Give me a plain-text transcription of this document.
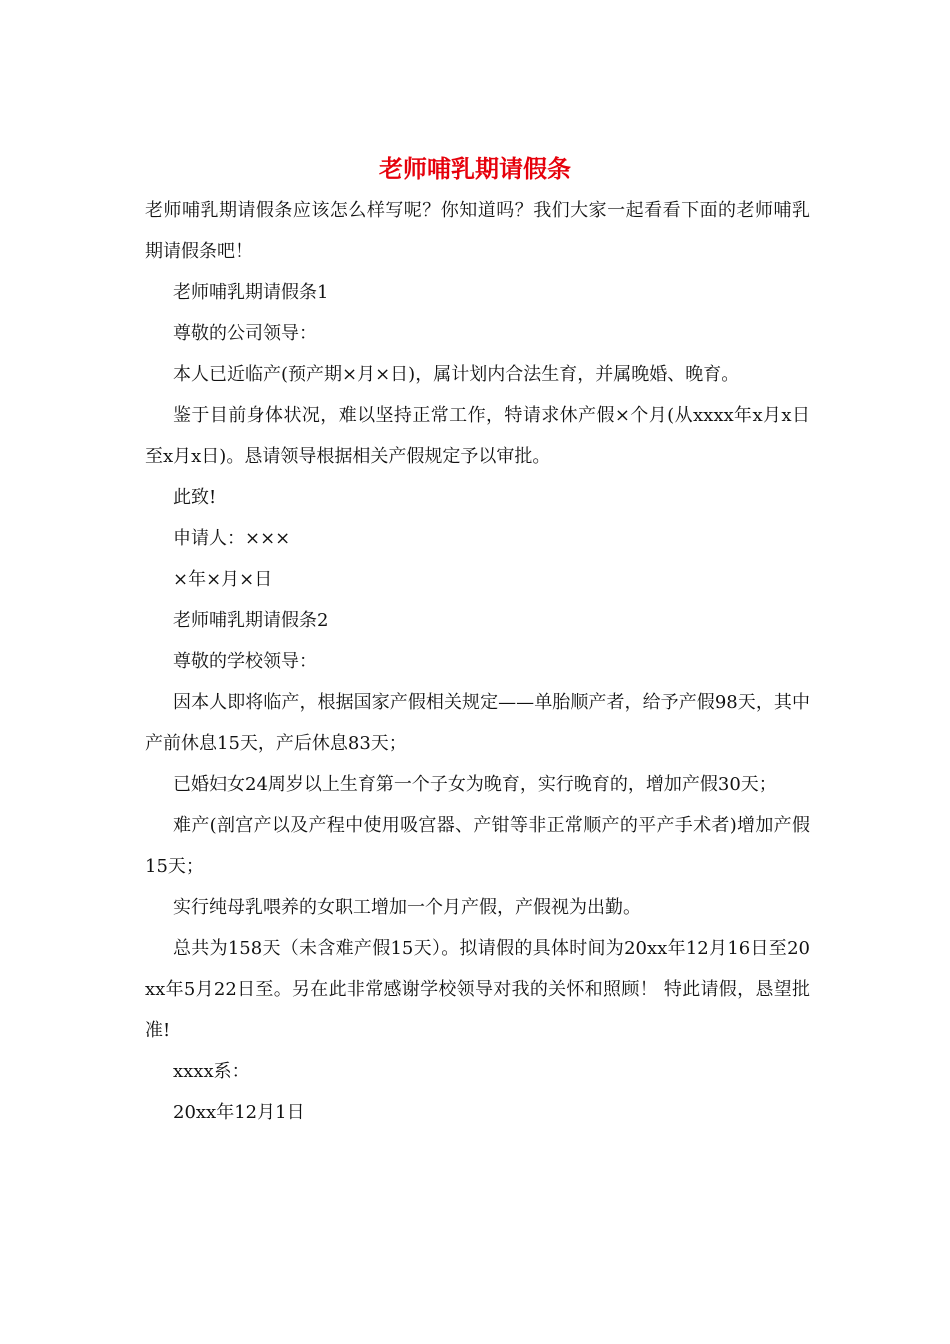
老师哺乳期请假条

老师哺乳期请假条应该怎么样写呢？你知道吗？我们大家一起看看下面的老师哺乳期请假条吧！

老师哺乳期请假条1

尊敬的公司领导：

本人已近临产(预产期×月×日)，属计划内合法生育，并属晚婚、晚育。

鉴于目前身体状况，难以坚持正常工作，特请求休产假×个月(从xxxx年x月x日至x月x日)。恳请领导根据相关产假规定予以审批。

此致!

申请人：×××

×年×月×日

老师哺乳期请假条2

尊敬的学校领导：

因本人即将临产，根据国家产假相关规定——单胎顺产者，给予产假98天，其中产前休息15天，产后休息83天；

已婚妇女24周岁以上生育第一个子女为晚育，实行晚育的，增加产假30天；

难产(剖宫产以及产程中使用吸宫器、产钳等非正常顺产的平产手术者)增加产假15天；

实行纯母乳喂养的女职工增加一个月产假，产假视为出勤。

总共为158天（未含难产假15天）。拟请假的具体时间为20xx年12月16日至20xx年5月22日至。另在此非常感谢学校领导对我的关怀和照顾！ 特此请假，恳望批准!

xxxx系：

20xx年12月1日
